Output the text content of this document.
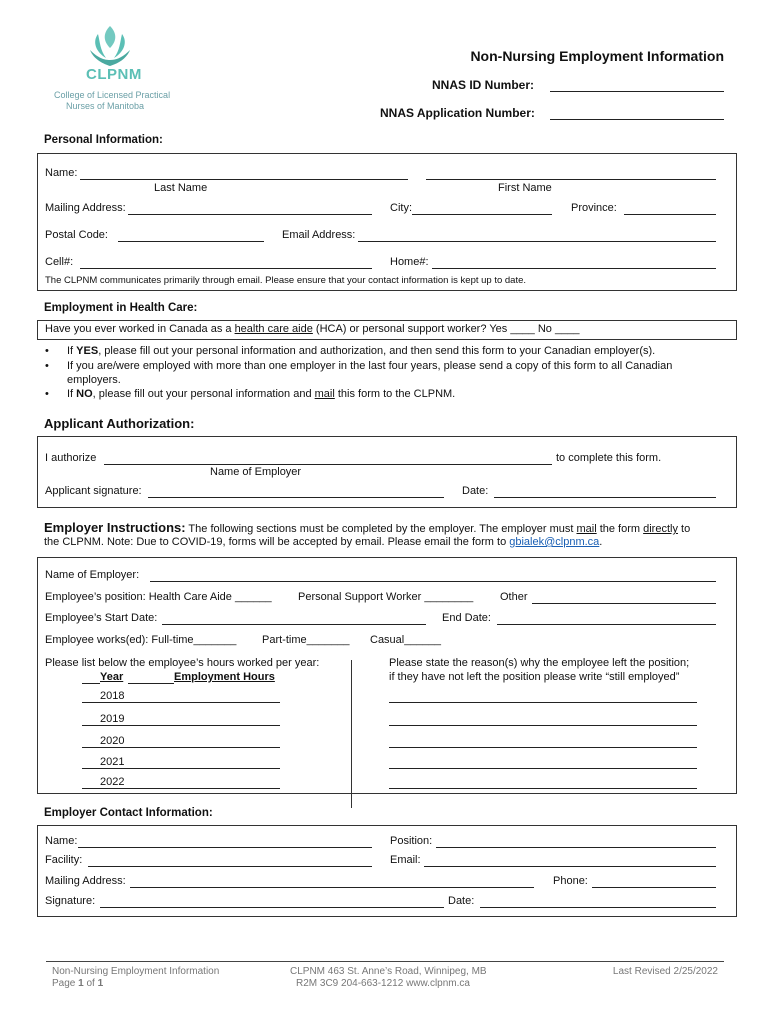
CLPNM
College of Licensed Practical
Nurses of Manitoba
Non-Nursing Employment Information
NNAS ID Number:
NNAS Application Number:
Personal Information:
Name:
Last Name	First Name
Mailing Address:	City:	Province:
Postal Code:	Email Address:
Cell#:	Home#:
The CLPNM communicates primarily through email. Please ensure that your contact information is kept up to date.
Employment in Health Care:
Have you ever worked in Canada as a health care aide (HCA) or personal support worker? Yes ____ No ____
• If YES, please fill out your personal information and authorization, and then send this form to your Canadian employer(s).
• If you are/were employed with more than one employer in the last four years, please send a copy of this form to all Canadian
employers.
• If NO, please fill out your personal information and mail this form to the CLPNM.
Applicant Authorization:
I authorize	to complete this form.
Name of Employer
Applicant signature:	Date:
Employer Instructions: The following sections must be completed by the employer. The employer must mail the form directly to
the CLPNM. Note: Due to COVID-19, forms will be accepted by email. Please email the form to gbialek@clpnm.ca.
Name of Employer:
Employee’s position: Health Care Aide ______ Personal Support Worker ________ Other
Employee’s Start Date:	End Date:
Employee works(ed): Full-time_______ Part-time_______ Casual______
Please list below the employee’s hours worked per year:
Year	Employment Hours
2018
2019
2020
2021
2022
Please state the reason(s) why the employee left the position;
if they have not left the position please write “still employed”
Employer Contact Information:
Name:	Position:
Facility:	Email:
Mailing Address:	Phone:
Signature:	Date:
Non-Nursing Employment Information
Page 1 of 1
CLPNM 463 St. Anne’s Road, Winnipeg, MB
R2M 3C9 204-663-1212 www.clpnm.ca
Last Revised 2/25/2022
